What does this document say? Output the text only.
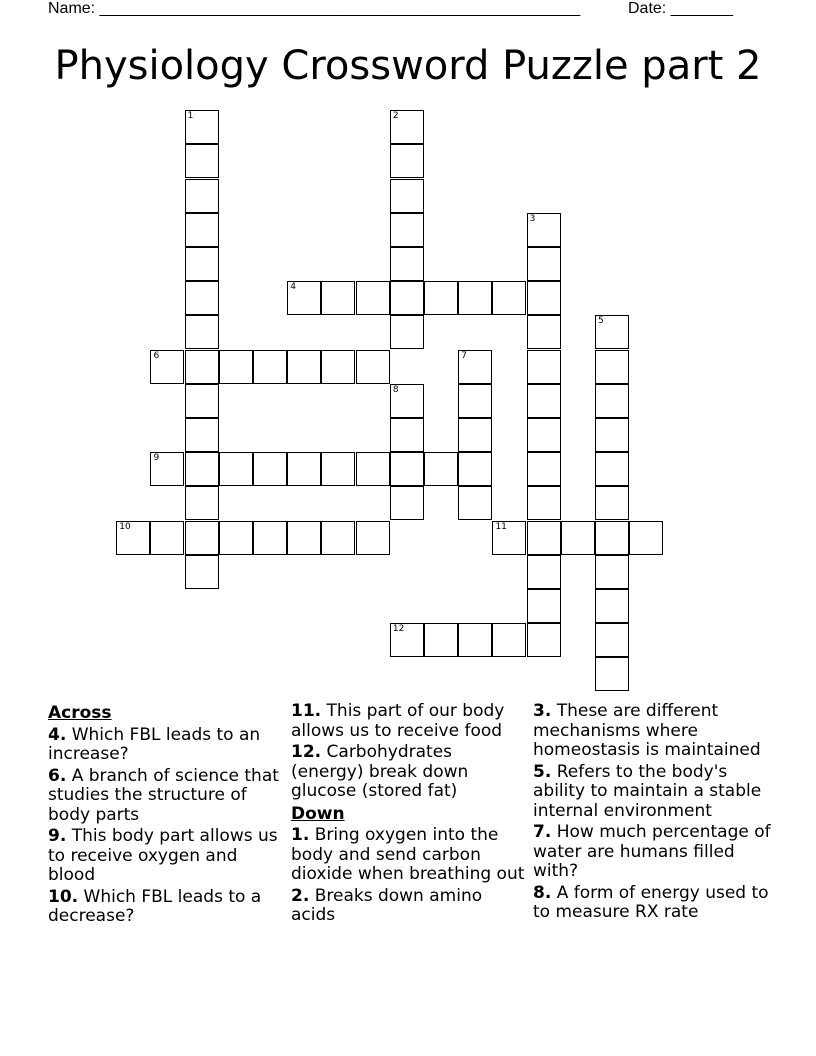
Name: ______________________________________________________	Date: _______
Physiology Crossword Puzzle part 2
1	2
3
4
5
6	7
8
9
10	11
12
Across
4. Which FBL leads to an increase?
6. A branch of science that studies the structure of body parts
9. This body part allows us to receive oxygen and blood
10. Which FBL leads to a decrease?
11. This part of our body allows us to receive food
12. Carbohydrates (energy) break down glucose (stored fat)
Down
1. Bring oxygen into the body and send carbon dioxide when breathing out
2. Breaks down amino acids
3. These are different mechanisms where homeostasis is maintained
5. Refers to the body's ability to maintain a stable internal environment
7. How much percentage of water are humans filled with?
8. A form of energy used to to measure RX rate
